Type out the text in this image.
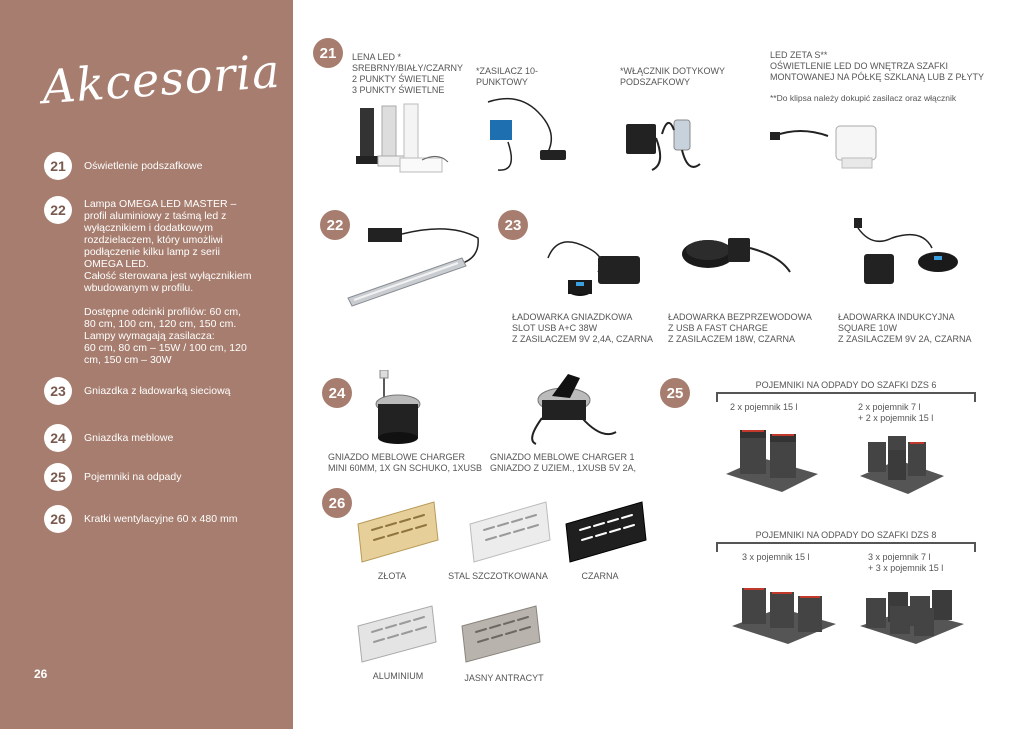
Akcesoria
21	Oświetlenie podszafkowe
22	Lampa OMEGA LED MASTER – profil aluminiowy z taśmą led z wyłącznikiem i dodatkowym rozdzielaczem, który umożliwi podłączenie kilku lamp z serii OMEGA LED.
Całość sterowana jest wyłącznikiem wbudowanym w profilu.
Dostępne odcinki profilów: 60 cm, 80 cm, 100 cm, 120 cm, 150 cm.
Lampy wymagają zasilacza:
60 cm, 80 cm – 15W / 100 cm, 120 cm, 150 cm – 30W
23	Gniazdka z ładowarką sieciową
24	Gniazdka meblowe
25	Pojemniki na odpady
26	Kratki wentylacyjne 60 x 480 mm
26
21	LENA LED *
SREBRNY/BIAŁY/CZARNY
2 PUNKTY ŚWIETLNE
3 PUNKTY ŚWIETLNE
*ZASILACZ 10-
PUNKTOWY
*WŁĄCZNIK DOTYKOWY
PODSZAFKOWY
LED ZETA S**
OŚWIETLENIE LED DO WNĘTRZA SZAFKI
MONTOWANEJ NA PÓŁKĘ SZKLANĄ LUB Z PŁYTY
**Do klipsa należy dokupić zasilacz oraz włącznik
22	23
ŁADOWARKA GNIAZDKOWA
SLOT USB A+C 38W
Z ZASILACZEM 9V 2,4A, CZARNA
ŁADOWARKA BEZPRZEWODOWA
Z USB A FAST CHARGE
Z ZASILACZEM 18W, CZARNA
ŁADOWARKA INDUKCYJNA
SQUARE 10W
Z ZASILACZEM 9V 2A, CZARNA
24
GNIAZDO MEBLOWE CHARGER
MINI 60MM, 1X GN SCHUKO, 1XUSB
GNIAZDO MEBLOWE CHARGER 1
GNIAZDO Z UZIEM., 1XUSB 5V 2A,
25	POJEMNIKI NA ODPADY DO SZAFKI DZS 6
2 x pojemnik 15 l	2 x pojemnik 7 l
+ 2 x pojemnik 15 l
POJEMNIKI NA ODPADY DO SZAFKI DZS 8
3 x pojemnik 15 l	3 x pojemnik 7 l
+ 3 x pojemnik 15 l
26
ZŁOTA	STAL SZCZOTKOWANA	CZARNA
ALUMINIUM	JASNY ANTRACYT
